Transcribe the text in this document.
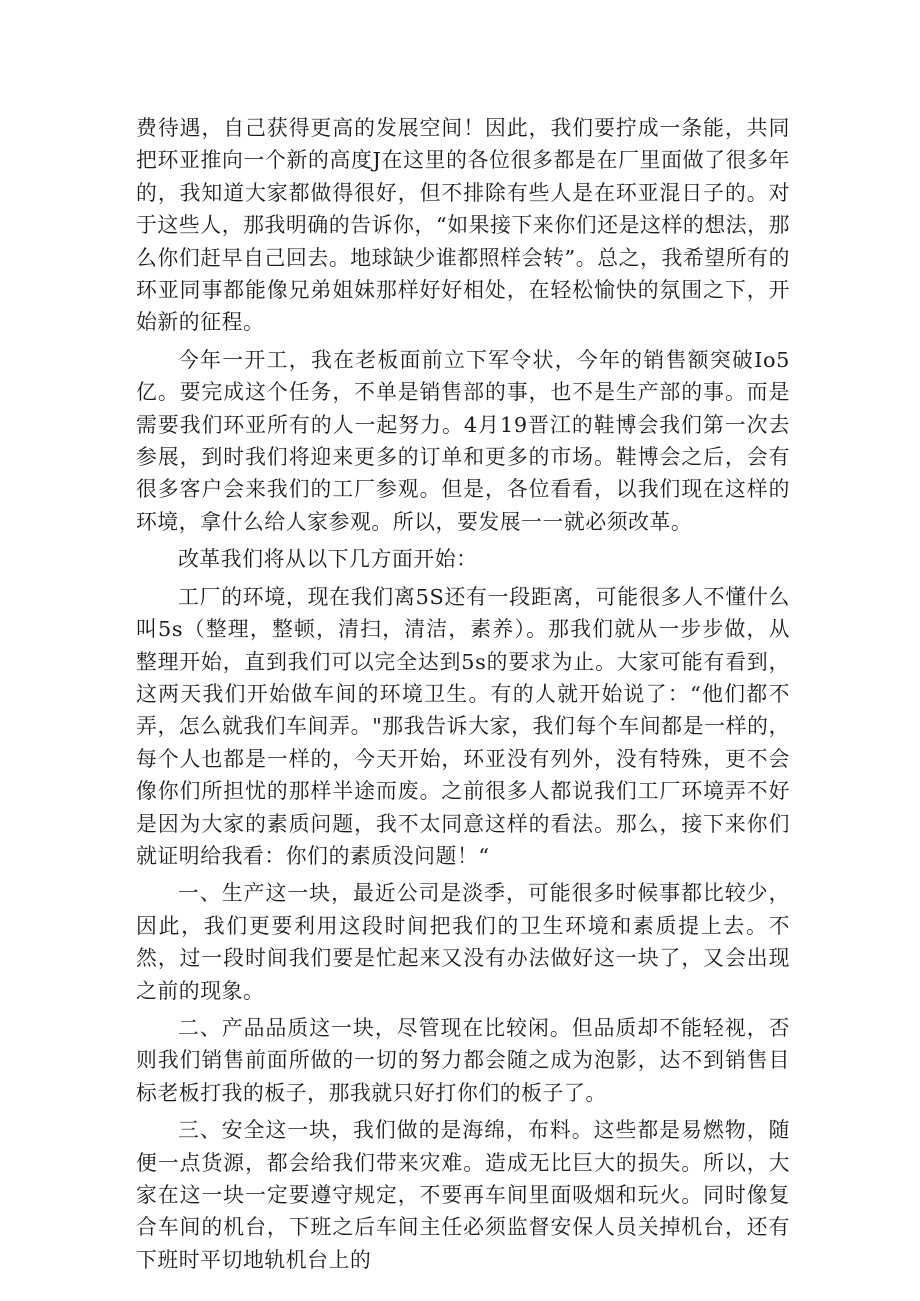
费待遇，自己获得更高的发展空间！因此，我们要拧成一条能，共同把环亚推向一个新的高度J在这里的各位很多都是在厂里面做了很多年的，我知道大家都做得很好，但不排除有些人是在环亚混日子的。对于这些人，那我明确的告诉你，“如果接下来你们还是这样的想法，那么你们赶早自己回去。地球缺少谁都照样会转”。总之，我希望所有的环亚同事都能像兄弟姐妹那样好好相处，在轻松愉快的氛围之下，开始新的征程。

今年一开工，我在老板面前立下军令状，今年的销售额突破Io5亿。要完成这个任务，不单是销售部的事，也不是生产部的事。而是需要我们环亚所有的人一起努力。4月19晋江的鞋博会我们第一次去参展，到时我们将迎来更多的订单和更多的市场。鞋博会之后，会有很多客户会来我们的工厂参观。但是，各位看看，以我们现在这样的环境，拿什么给人家参观。所以，要发展一一就必须改革。

改革我们将从以下几方面开始：

工厂的环境，现在我们离5S还有一段距离，可能很多人不懂什么叫5s（整理，整顿，清扫，清洁，素养）。那我们就从一步步做，从整理开始，直到我们可以完全达到5s的要求为止。大家可能有看到，这两天我们开始做车间的环境卫生。有的人就开始说了：“他们都不弄，怎么就我们车间弄。"那我告诉大家，我们每个车间都是一样的，每个人也都是一样的，今天开始，环亚没有列外，没有特殊，更不会像你们所担忧的那样半途而废。之前很多人都说我们工厂环境弄不好是因为大家的素质问题，我不太同意这样的看法。那么，接下来你们就证明给我看：你们的素质没问题！“

一、生产这一块，最近公司是淡季，可能很多时候事都比较少，因此，我们更要利用这段时间把我们的卫生环境和素质提上去。不然，过一段时间我们要是忙起来又没有办法做好这一块了，又会出现之前的现象。

二、产品品质这一块，尽管现在比较闲。但品质却不能轻视，否则我们销售前面所做的一切的努力都会随之成为泡影，达不到销售目标老板打我的板子，那我就只好打你们的板子了。

三、安全这一块，我们做的是海绵，布料。这些都是易燃物，随便一点货源，都会给我们带来灾难。造成无比巨大的损失。所以，大家在这一块一定要遵守规定，不要再车间里面吸烟和玩火。同时像复合车间的机台，下班之后车间主任必须监督安保人员关掉机台，还有下班时平切地轨机台上的
